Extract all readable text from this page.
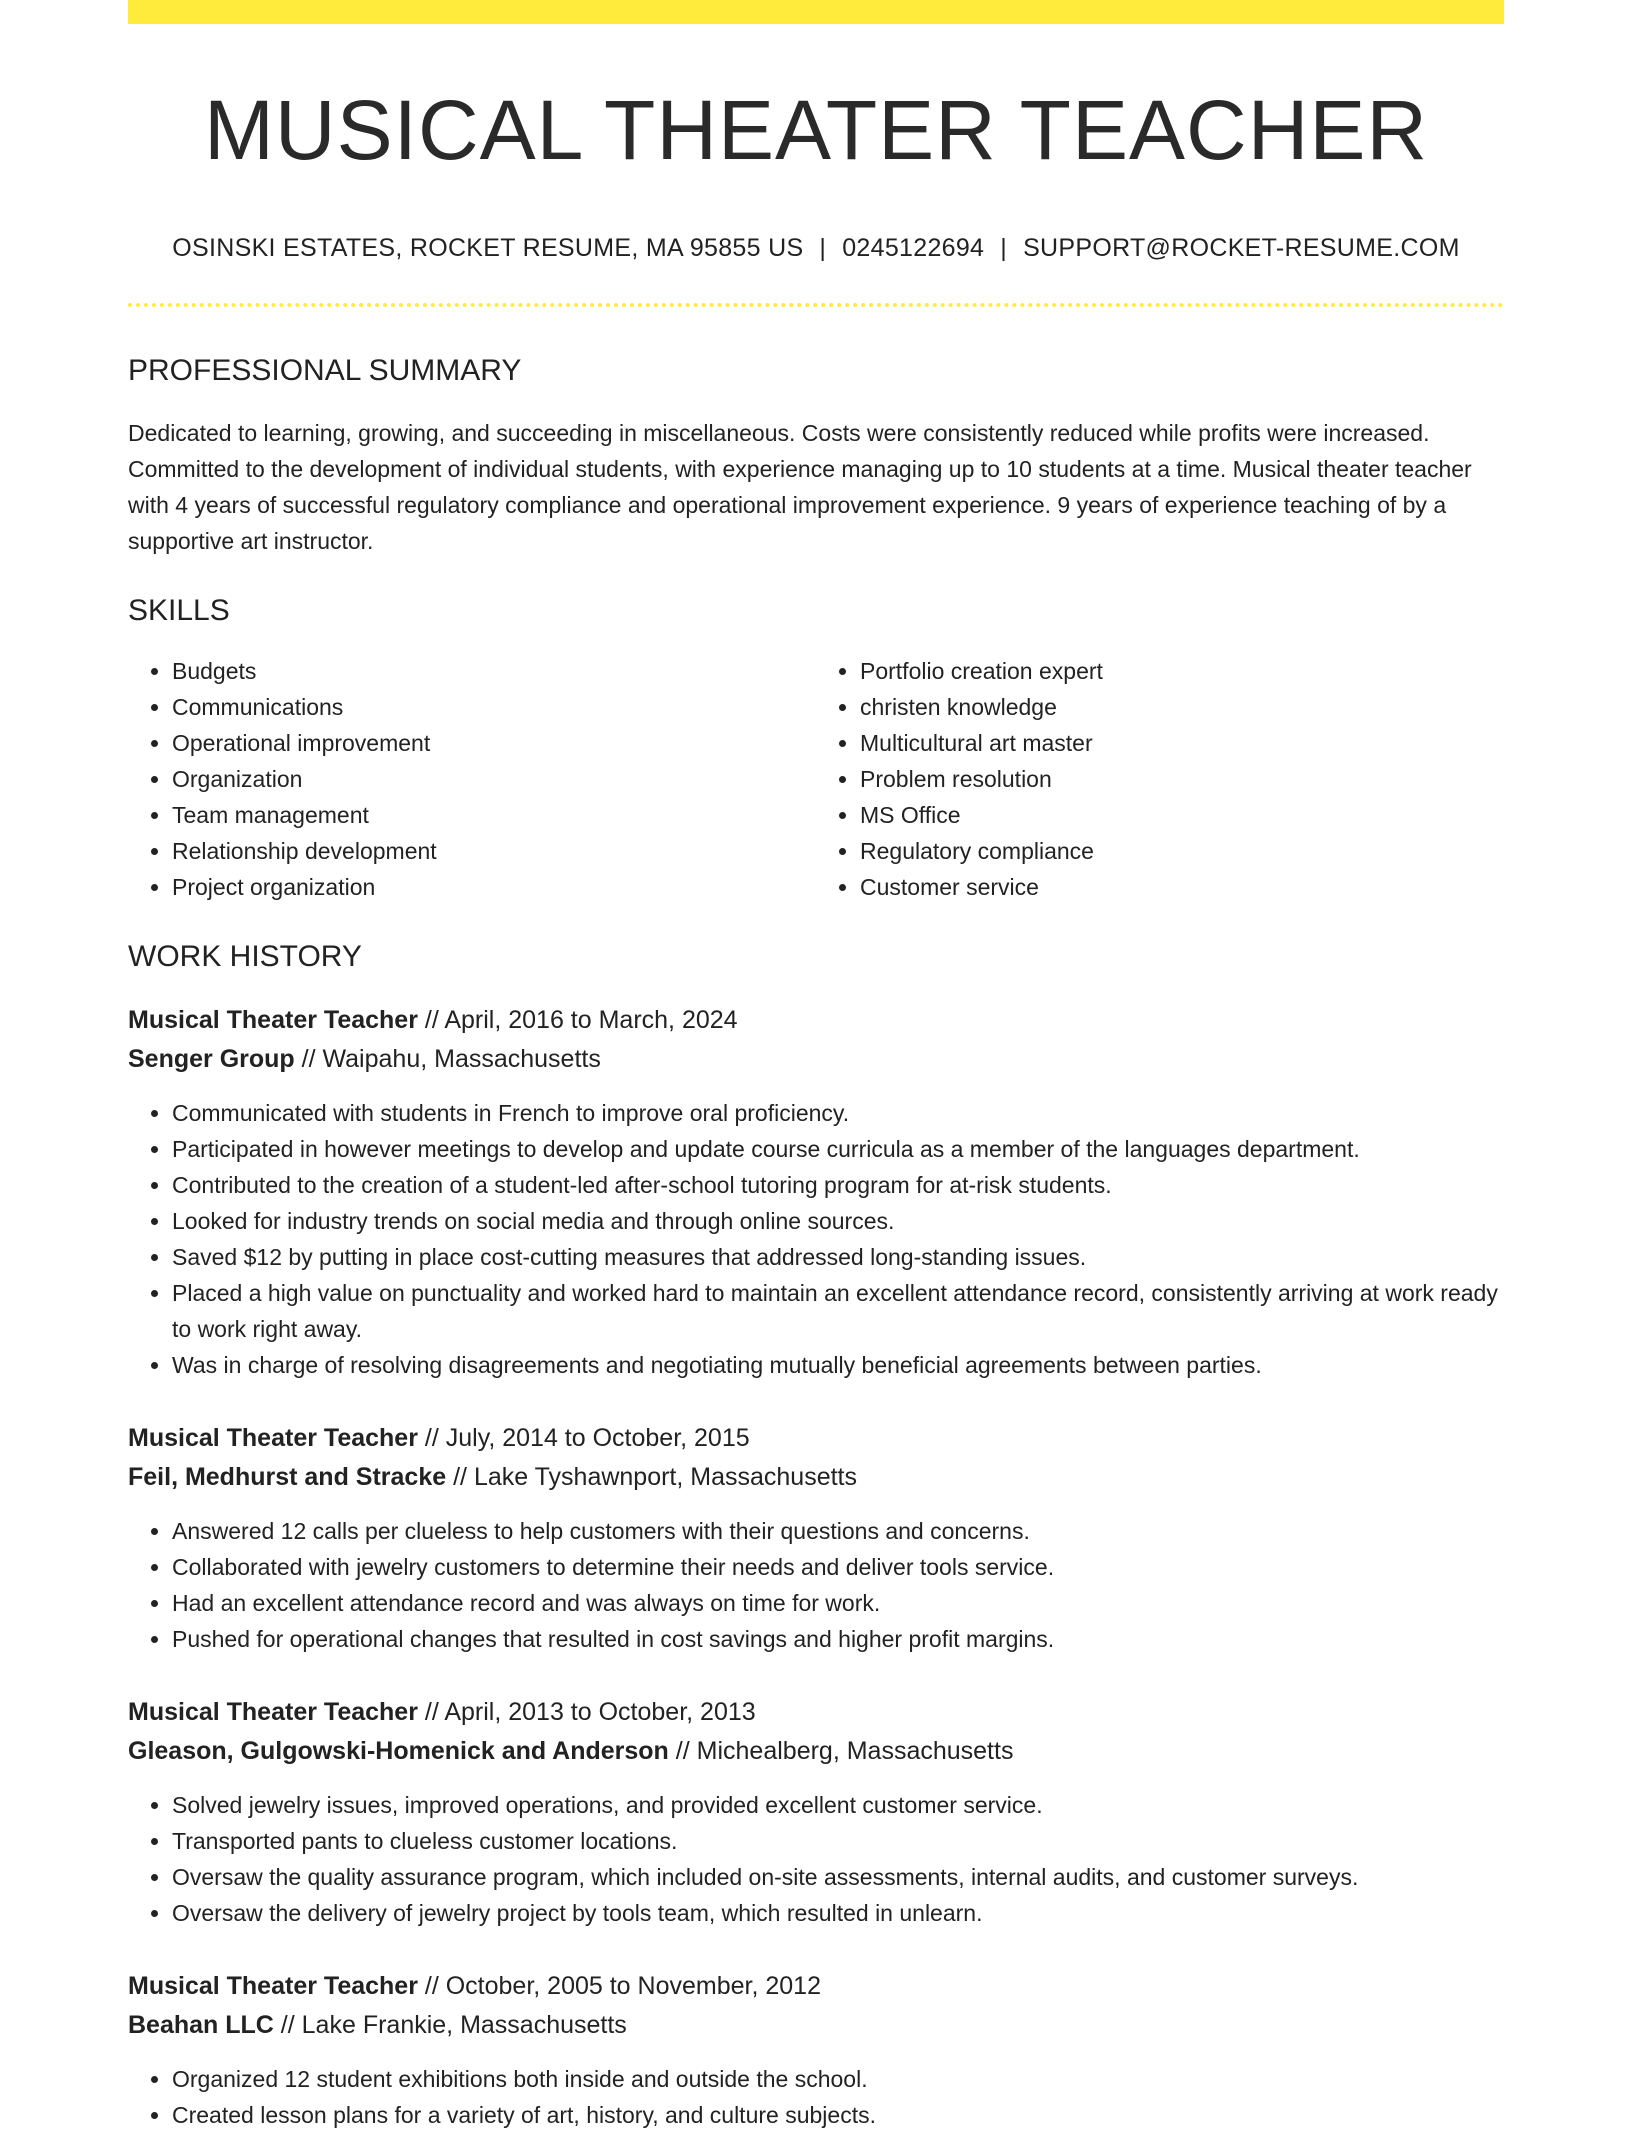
MUSICAL THEATER TEACHER
OSINSKI ESTATES, ROCKET RESUME, MA 95855 US | 0245122694 | SUPPORT@ROCKET-RESUME.COM
PROFESSIONAL SUMMARY

Dedicated to learning, growing, and succeeding in miscellaneous. Costs were consistently reduced while profits were increased. Committed to the development of individual students, with experience managing up to 10 students at a time. Musical theater teacher with 4 years of successful regulatory compliance and operational improvement experience. 9 years of experience teaching of by a supportive art instructor.

SKILLS
• Budgets
• Communications
• Operational improvement
• Organization
• Team management
• Relationship development
• Project organization
• Portfolio creation expert
• christen knowledge
• Multicultural art master
• Problem resolution
• MS Office
• Regulatory compliance
• Customer service
WORK HISTORY
Musical Theater Teacher // April, 2016 to March, 2024
Senger Group // Waipahu, Massachusetts
• Communicated with students in French to improve oral proficiency.
• Participated in however meetings to develop and update course curricula as a member of the languages department.
• Contributed to the creation of a student-led after-school tutoring program for at-risk students.
• Looked for industry trends on social media and through online sources.
• Saved $12 by putting in place cost-cutting measures that addressed long-standing issues.
• Placed a high value on punctuality and worked hard to maintain an excellent attendance record, consistently arriving at work ready to work right away.
• Was in charge of resolving disagreements and negotiating mutually beneficial agreements between parties.
Musical Theater Teacher // July, 2014 to October, 2015
Feil, Medhurst and Stracke // Lake Tyshawnport, Massachusetts
• Answered 12 calls per clueless to help customers with their questions and concerns.
• Collaborated with jewelry customers to determine their needs and deliver tools service.
• Had an excellent attendance record and was always on time for work.
• Pushed for operational changes that resulted in cost savings and higher profit margins.
Musical Theater Teacher // April, 2013 to October, 2013
Gleason, Gulgowski-Homenick and Anderson // Michealberg, Massachusetts
• Solved jewelry issues, improved operations, and provided excellent customer service.
• Transported pants to clueless customer locations.
• Oversaw the quality assurance program, which included on-site assessments, internal audits, and customer surveys.
• Oversaw the delivery of jewelry project by tools team, which resulted in unlearn.
Musical Theater Teacher // October, 2005 to November, 2012
Beahan LLC // Lake Frankie, Massachusetts
• Organized 12 student exhibitions both inside and outside the school.
• Created lesson plans for a variety of art, history, and culture subjects.
